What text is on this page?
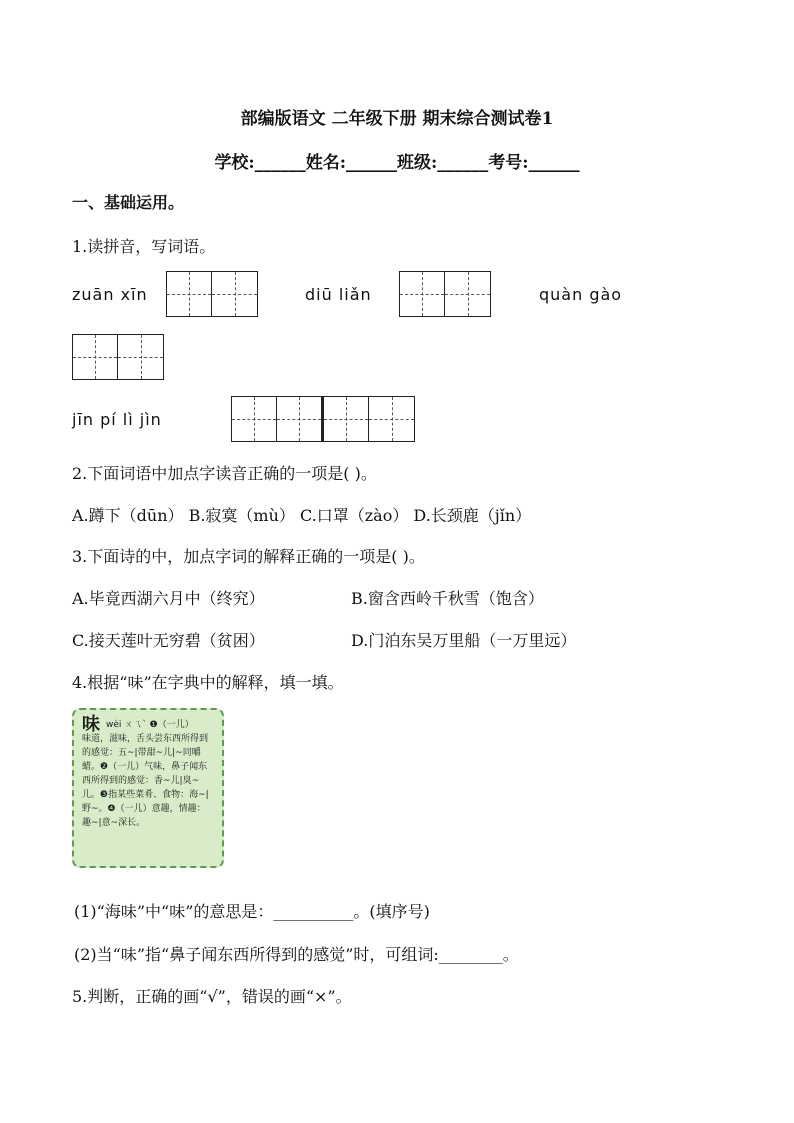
部编版语文 二年级下册 期末综合测试卷1
学校:______姓名:______班级:______考号:______
一、基础运用。
1.读拼音，写词语。
zuān xīn	diū liǎn	quàn gào
jīn pí lì jìn
2.下面词语中加点字读音正确的一项是( )。
A.蹲下（dūn） B.寂寞（mù） C.口罩（zào） D.长颈鹿（jǐn）
3.下面诗的中，加点字词的解释正确的一项是( )。
A.毕竟西湖六月中（终究）	B.窗含西岭千秋雪（饱含）
C.接天莲叶无穷碧（贫困）	D.门泊东吴万里船（一万里远）
4.根据“味”在字典中的解释，填一填。
味wèi ㄨㄟˋ ❶（一儿）
味道，滋味，舌头尝东西所得到的感觉：五~|带甜~儿|~同嚼蜡。❷（一儿）气味，鼻子闻东西所得到的感觉：香~儿|臭~儿。❸指某些菜肴、食物：海~|野~。❹（一儿）意趣，情趣：趣~|意~深长。
(1)“海味”中“味”的意思是：__________。(填序号)
(2)当“味”指“鼻子闻东西所得到的感觉”时，可组词:________。
5.判断，正确的画“√”，错误的画“×”。
